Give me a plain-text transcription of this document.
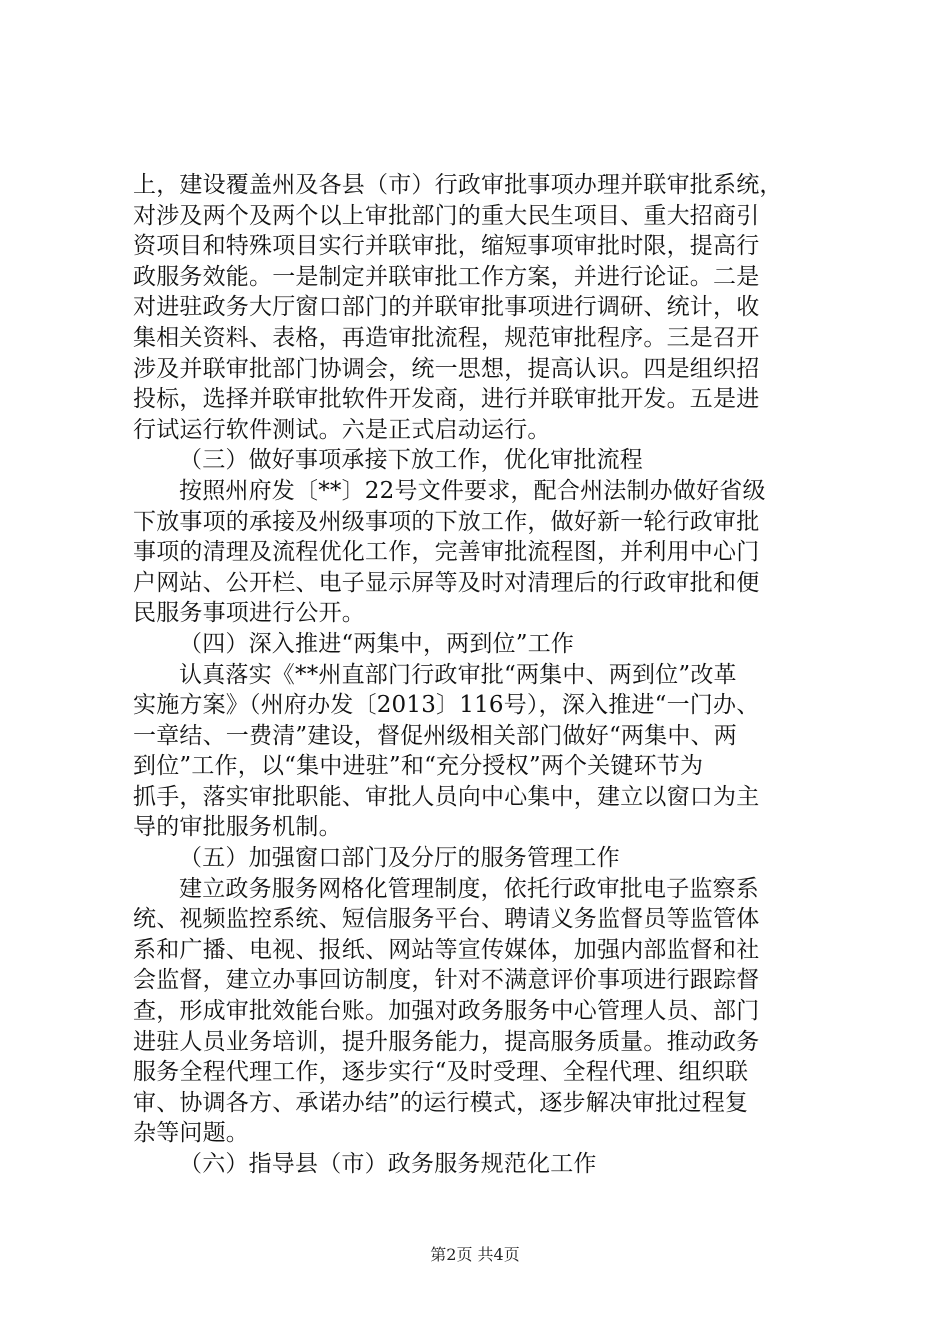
上，建设覆盖州及各县（市）行政审批事项办理并联审批系统，
对涉及两个及两个以上审批部门的重大民生项目、重大招商引
资项目和特殊项目实行并联审批，缩短事项审批时限，提高行
政服务效能。一是制定并联审批工作方案，并进行论证。二是
对进驻政务大厅窗口部门的并联审批事项进行调研、统计，收
集相关资料、表格，再造审批流程，规范审批程序。三是召开
涉及并联审批部门协调会，统一思想，提高认识。四是组织招
投标，选择并联审批软件开发商，进行并联审批开发。五是进
行试运行软件测试。六是正式启动运行。
（三）做好事项承接下放工作，优化审批流程
按照州府发〔**〕22号文件要求，配合州法制办做好省级
下放事项的承接及州级事项的下放工作，做好新一轮行政审批
事项的清理及流程优化工作，完善审批流程图，并利用中心门
户网站、公开栏、电子显示屏等及时对清理后的行政审批和便
民服务事项进行公开。
（四）深入推进“两集中，两到位”工作
认真落实《**州直部门行政审批“两集中、两到位”改革
实施方案》（州府办发〔2013〕116号），深入推进“一门办、
一章结、一费清”建设，督促州级相关部门做好“两集中、两
到位”工作，以“集中进驻”和“充分授权”两个关键环节为
抓手，落实审批职能、审批人员向中心集中，建立以窗口为主
导的审批服务机制。
（五）加强窗口部门及分厅的服务管理工作
建立政务服务网格化管理制度，依托行政审批电子监察系
统、视频监控系统、短信服务平台、聘请义务监督员等监管体
系和广播、电视、报纸、网站等宣传媒体，加强内部监督和社
会监督，建立办事回访制度，针对不满意评价事项进行跟踪督
查，形成审批效能台账。加强对政务服务中心管理人员、部门
进驻人员业务培训，提升服务能力，提高服务质量。推动政务
服务全程代理工作，逐步实行“及时受理、全程代理、组织联
审、协调各方、承诺办结”的运行模式，逐步解决审批过程复
杂等问题。
（六）指导县（市）政务服务规范化工作
第2页 共4页
